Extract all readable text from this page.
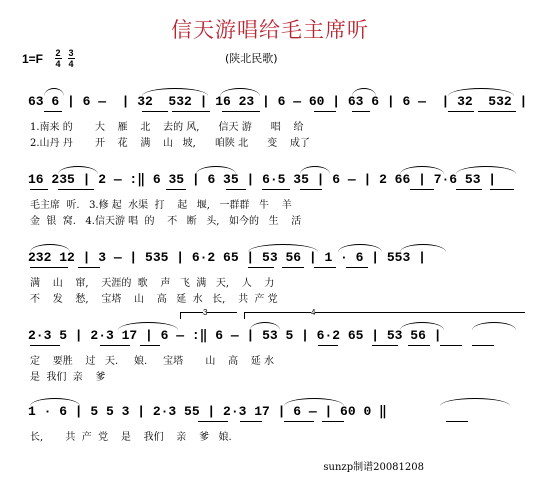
信天游唱给毛主席听
1=F 2
4
3
4	(陕北民歌)
63 6 | 6 —  | 32  532 | 16 23 | 6 — 60 | 63 6 | 6 —  | 32  532 |
1.南来 的       大    雁    北    去的 风,      信天 游      唱    给
2.山丹 丹       开    花    满    山   坡,      咱陕 北      变    成了
16 235 | 2 — :‖ 6 35 | 6 35 | 6·5 35 | 6 — | 2 66 | 7·6 53 |
毛主席  听.   3.修 起  水渠  打    起   堰,   一群群   牛    羊
金  银  窝.   4.信天游 唱  的    不   断   头,   如今的   生    活
232 12 | 3 — | 535 | 6·2 65 | 53 56 | 1 · 6 | 553 |
满    山    窜,    天涯的  歌    声   飞  满   天,    人    力
不    发    愁,    宝塔    山    高   延  水   长,    共  产 党
3	4
2·3 5 | 2·3 17 | 6 — :‖ 6 — | 53 5 | 6·2 65 | 53 56 |
定    要胜    过   天.     娘.     宝塔       山    高    延 水
是  我们  亲    爹
1 · 6 | 5 5 3 | 2·3 55 | 2·3 17 | 6 — | 60 0 ‖
长,       共  产  党    是    我们    亲    爹   娘.
sunzp制谱20081208
